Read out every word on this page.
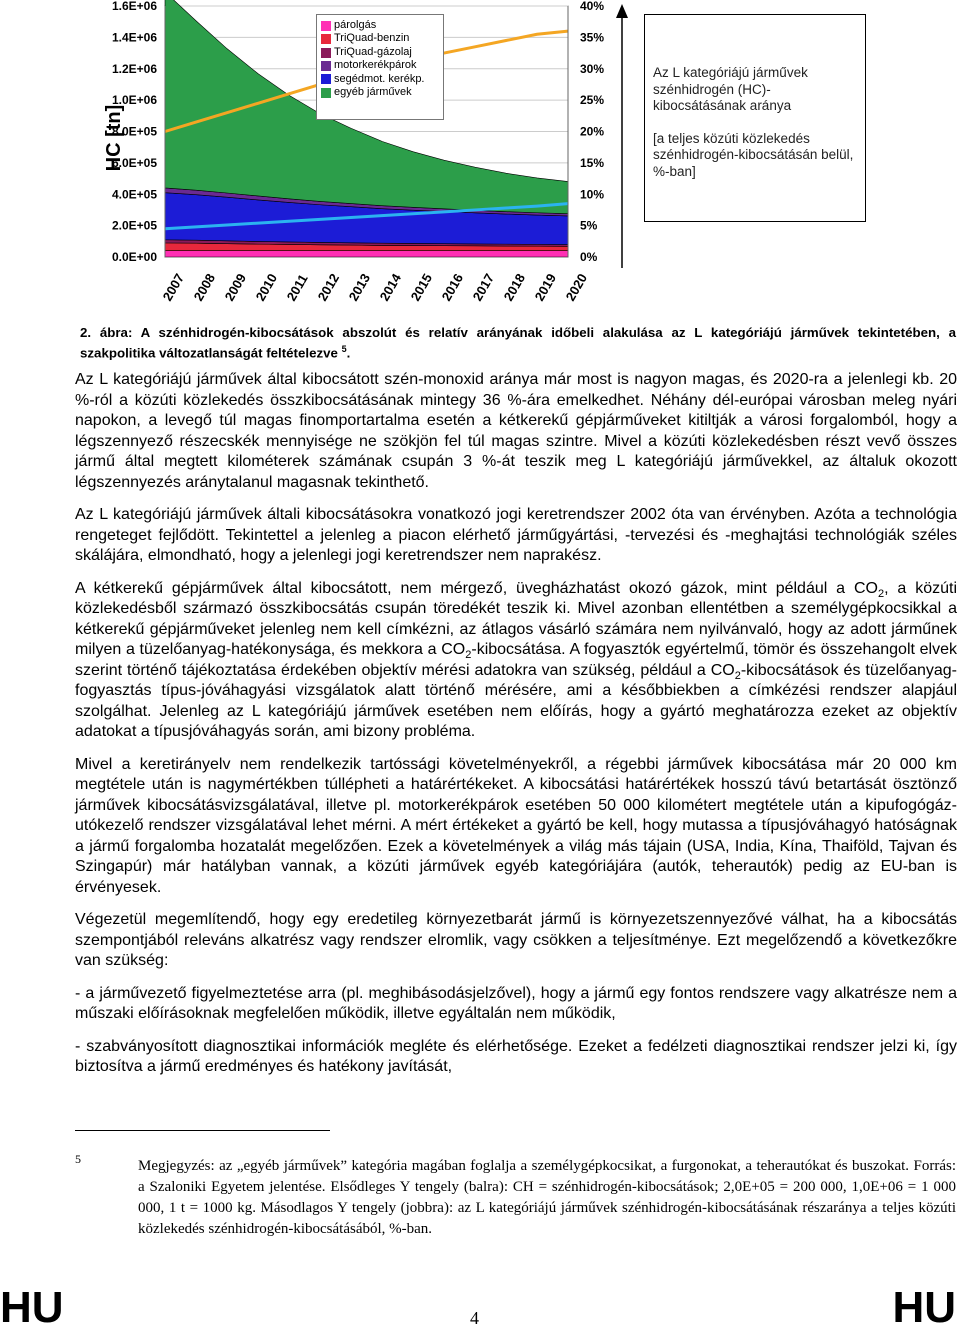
1.6E+06
1.4E+06
1.2E+06
1.0E+06
8.0E+05
6.0E+05
4.0E+05
2.0E+05
0.0E+00
40%
35%
30%
25%
20%
15%
10%
5%
0%
2007 2008 2009 2010 2011 2012 2013 2014 2015 2016 2017 2018 2019 2020
HC [tn]
párolgás
TriQuad-benzin
TriQuad-gázolaj
motorkerékpárok
segédmot. kerékp.
egyéb járművek

Az L kategóriájú járművek szénhidrogén (HC)-kibocsátásának aránya

[a teljes közúti közlekedés szénhidrogén-kibocsátásán belül, %-ban]

2. ábra: A szénhidrogén-kibocsátások abszolút és relatív arányának időbeli alakulása az L kategóriájú járművek tekintetében, a szakpolitika változatlanságát feltételezve $^5$.

Az L kategóriájú járművek által kibocsátott szén-monoxid aránya már most is nagyon magas, és 2020-ra a jelenlegi kb. 20 %-ról a közúti közlekedés összkibocsátásának mintegy 36 %-ára emelkedhet. Néhány dél-európai városban meleg nyári napokon, a levegő túl magas finomportartalma esetén a kétkerekű gépjárműveket kitiltják a városi forgalomból, hogy a légszennyező részecskék mennyisége ne szökjön fel túl magas szintre. Mivel a közúti közlekedésben részt vevő összes jármű által megtett kilométerek számának csupán 3 %-át teszik meg L kategóriájú járművekkel, az általuk okozott légszennyezés aránytalanul magasnak tekinthető.

Az L kategóriájú járművek általi kibocsátásokra vonatkozó jogi keretrendszer 2002 óta van érvényben. Azóta a technológia rengeteget fejlődött. Tekintettel a jelenleg a piacon elérhető járműgyártási, -tervezési és -meghajtási technológiák széles skálájára, elmondható, hogy a jelenlegi jogi keretrendszer nem naprakész.

A kétkerekű gépjárművek által kibocsátott, nem mérgező, üvegházhatást okozó gázok, mint például a $CO_2$, a közúti közlekedésből származó összkibocsátás csupán töredékét teszik ki. Mivel azonban ellentétben a személygépkocsikkal a kétkerekű gépjárműveket jelenleg nem kell címkézni, az átlagos vásárló számára nem nyilvánvaló, hogy az adott járműnek milyen a tüzelőanyag-hatékonysága, és mekkora a $CO_2$-kibocsátása. A fogyasztók egyértelmű, tömör és összehangolt elvek szerint történő tájékoztatása érdekében objektív mérési adatokra van szükség, például a $CO_2$-kibocsátások és tüzelőanyag-fogyasztás típus-jóváhagyási vizsgálatok alatt történő mérésére, ami a későbbiekben a címkézési rendszer alapjául szolgálhat. Jelenleg az L kategóriájú járművek esetében nem előírás, hogy a gyártó meghatározza ezeket az objektív adatokat a típusjóváhagyás során, ami bizony probléma.

Mivel a keretirányelv nem rendelkezik tartóssági követelményekről, a régebbi járművek kibocsátása már 20 000 km megtétele után is nagymértékben túllépheti a határértékeket. A kibocsátási határértékek hosszú távú betartását ösztönző járművek kibocsátásvizsgálatával, illetve pl. motorkerékpárok esetében 50 000 kilométert megtétele után a kipufogógáz-utókezelő rendszer vizsgálatával lehet mérni. A mért értékeket a gyártó be kell, hogy mutassa a típusjóváhagyó hatóságnak a jármű forgalomba hozatalát megelőzően. Ezek a követelmények a világ más tájain (USA, India, Kína, Thaiföld, Tajvan és Szingapúr) már hatályban vannak, a közúti járművek egyéb kategóriájára (autók, teherautók) pedig az EU-ban is érvényesek.

Végezetül megemlítendő, hogy egy eredetileg környezetbarát jármű is környezetszennyezővé válhat, ha a kibocsátás szempontjából releváns alkatrész vagy rendszer elromlik, vagy csökken a teljesítménye. Ezt megelőzendő a következőkre van szükség:

- a járművezető figyelmeztetése arra (pl. meghibásodásjelzővel), hogy a jármű egy fontos rendszere vagy alkatrésze nem a műszaki előírásoknak megfelelően működik, illetve egyáltalán nem működik,

- szabványosított diagnosztikai információk megléte és elérhetősége. Ezeket a fedélzeti diagnosztikai rendszer jelzi ki, így biztosítva a jármű eredményes és hatékony javítását,

5	Megjegyzés: az „egyéb járművek” kategória magában foglalja a személygépkocsikat, a furgonokat, a teherautókat és buszokat. Forrás: a Szaloniki Egyetem jelentése. Elsődleges Y tengely (balra): CH = szénhidrogén-kibocsátások; 2,0E+05 = 200 000, 1,0E+06 = 1 000 000, 1 t = 1000 kg. Másodlagos Y tengely (jobbra): az L kategóriájú járművek szénhidrogén-kibocsátásának részaránya a teljes közúti közlekedés szénhidrogén-kibocsátásából, %-ban.
HU	4	HU
